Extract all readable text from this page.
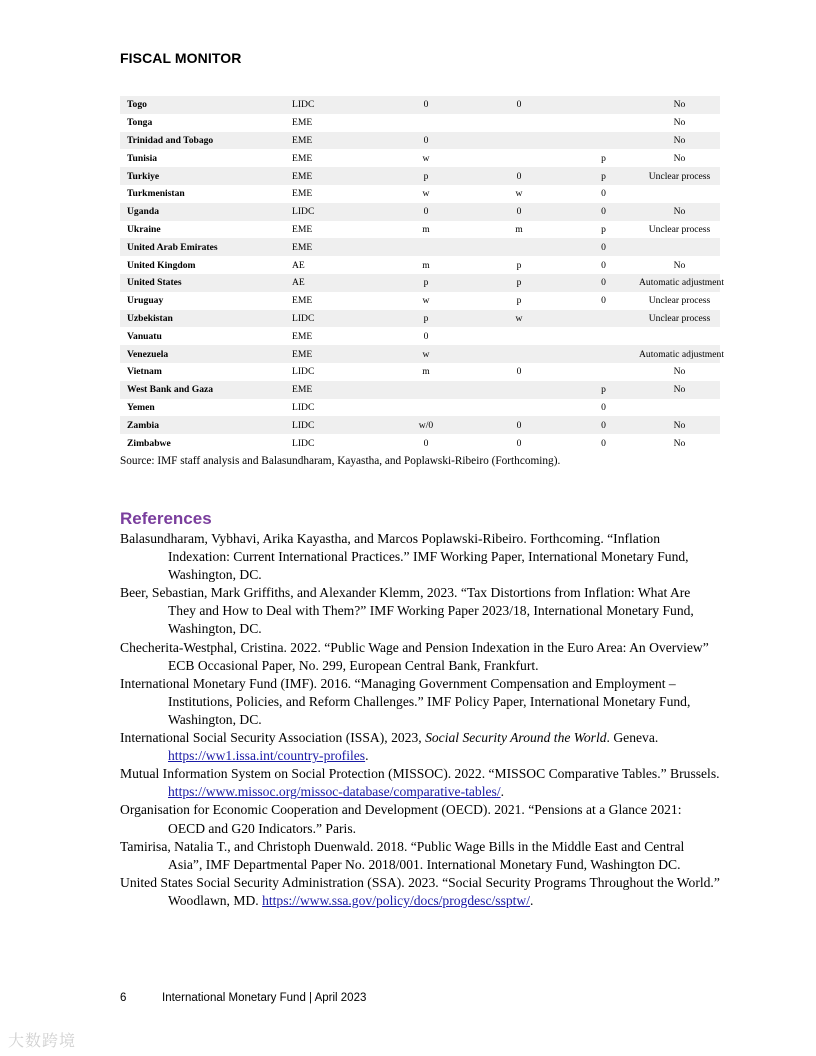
FISCAL MONITOR
Togo	LIDC	0	0		No
Tonga	EME				No
Trinidad and Tobago	EME	0			No
Tunisia	EME	w		p	No
Turkiye	EME	p	0	p	Unclear process
Turkmenistan	EME	w	w	0	
Uganda	LIDC	0	0	0	No
Ukraine	EME	m	m	p	Unclear process
United Arab Emirates	EME			0	
United Kingdom	AE	m	p	0	No
United States	AE	p	p	0	Automatic adjustment
Uruguay	EME	w	p	0	Unclear process
Uzbekistan	LIDC	p	w		Unclear process
Vanuatu	EME	0			
Venezuela	EME	w			Automatic adjustment
Vietnam	LIDC	m	0		No
West Bank and Gaza	EME			p	No
Yemen	LIDC			0	
Zambia	LIDC	w/0	0	0	No
Zimbabwe	LIDC	0	0	0	No
Source: IMF staff analysis and Balasundharam, Kayastha, and Poplawski-Ribeiro (Forthcoming).
References

Balasundharam, Vybhavi, Arika Kayastha, and Marcos Poplawski-Ribeiro. Forthcoming. “Inflation Indexation: Current International Practices.” IMF Working Paper, International Monetary Fund, Washington, DC.

Beer, Sebastian, Mark Griffiths, and Alexander Klemm, 2023. “Tax Distortions from Inflation: What Are They and How to Deal with Them?” IMF Working Paper 2023/18, International Monetary Fund, Washington, DC.

Checherita-Westphal, Cristina. 2022. “Public Wage and Pension Indexation in the Euro Area: An Overview” ECB Occasional Paper, No. 299, European Central Bank, Frankfurt.

International Monetary Fund (IMF). 2016. “Managing Government Compensation and Employment – Institutions, Policies, and Reform Challenges.” IMF Policy Paper, International Monetary Fund, Washington, DC.

International Social Security Association (ISSA), 2023, Social Security Around the World. Geneva. https://ww1.issa.int/country-profiles.

Mutual Information System on Social Protection (MISSOC). 2022. “MISSOC Comparative Tables.” Brussels. https://www.missoc.org/missoc-database/comparative-tables/.

Organisation for Economic Cooperation and Development (OECD). 2021. “Pensions at a Glance 2021: OECD and G20 Indicators.” Paris.

Tamirisa, Natalia T., and Christoph Duenwald. 2018. “Public Wage Bills in the Middle East and Central Asia”, IMF Departmental Paper No. 2018/001. International Monetary Fund, Washington DC.

United States Social Security Administration (SSA). 2023. “Social Security Programs Throughout the World.” Woodlawn, MD. https://www.ssa.gov/policy/docs/progdesc/ssptw/.

6	International Monetary Fund | April 2023
大数跨境
